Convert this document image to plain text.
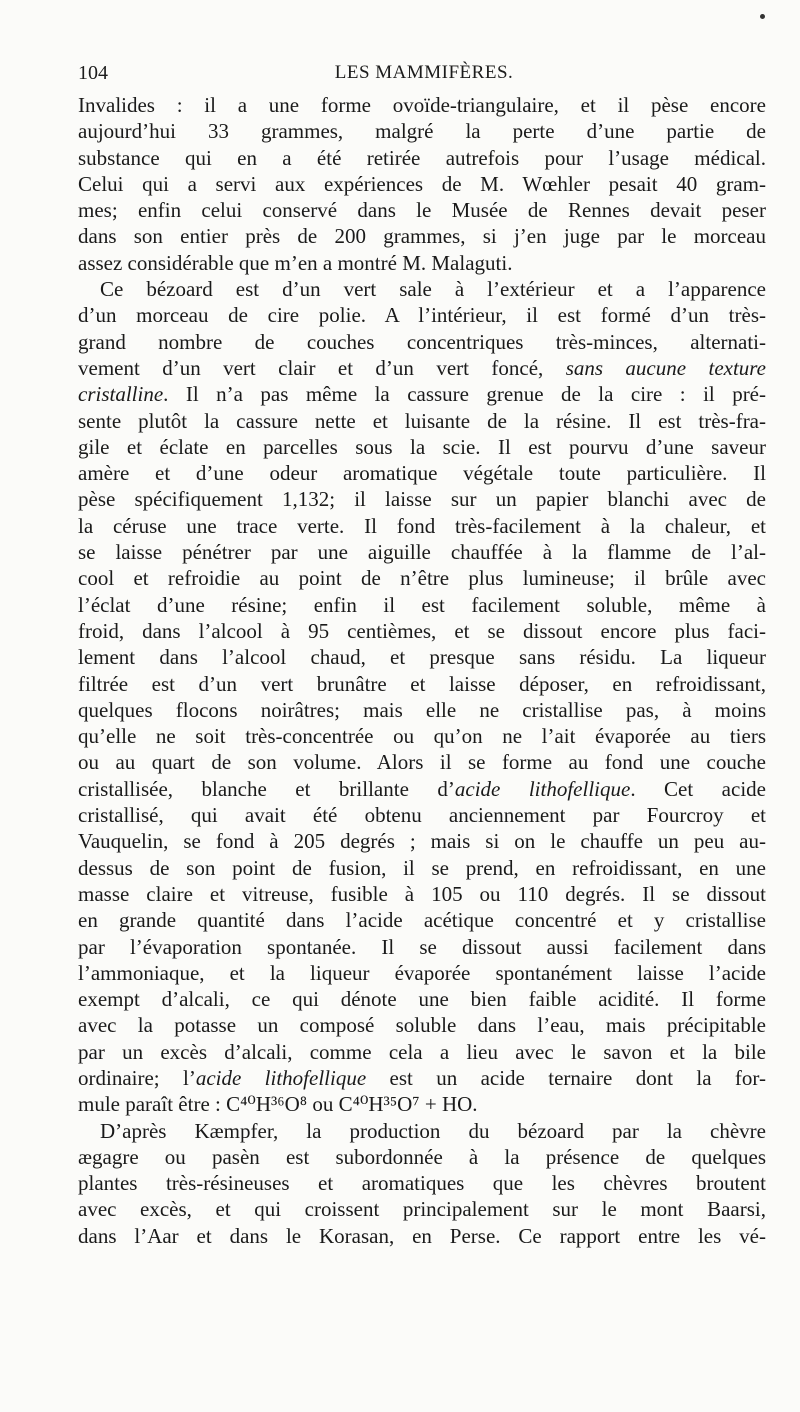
104	LES MAMMIFÈRES.
Invalides : il a une forme ovoïde-triangulaire, et il pèse encore
aujourd’hui 33 grammes, malgré la perte d’une partie de
substance qui en a été retirée autrefois pour l’usage médical.
Celui qui a servi aux expériences de M. Wœhler pesait 40 gram-
mes; enfin celui conservé dans le Musée de Rennes devait peser
dans son entier près de 200 grammes, si j’en juge par le morceau
assez considérable que m’en a montré M. Malaguti.
Ce bézoard est d’un vert sale à l’extérieur et a l’apparence
d’un morceau de cire polie. A l’intérieur, il est formé d’un très-
grand nombre de couches concentriques très-minces, alternati-
vement d’un vert clair et d’un vert foncé, sans aucune texture
cristalline. Il n’a pas même la cassure grenue de la cire : il pré-
sente plutôt la cassure nette et luisante de la résine. Il est très-fra-
gile et éclate en parcelles sous la scie. Il est pourvu d’une saveur
amère et d’une odeur aromatique végétale toute particulière. Il
pèse spécifiquement 1,132; il laisse sur un papier blanchi avec de
la céruse une trace verte. Il fond très-facilement à la chaleur, et
se laisse pénétrer par une aiguille chauffée à la flamme de l’al-
cool et refroidie au point de n’être plus lumineuse; il brûle avec
l’éclat d’une résine; enfin il est facilement soluble, même à
froid, dans l’alcool à 95 centièmes, et se dissout encore plus faci-
lement dans l’alcool chaud, et presque sans résidu. La liqueur
filtrée est d’un vert brunâtre et laisse déposer, en refroidissant,
quelques flocons noirâtres; mais elle ne cristallise pas, à moins
qu’elle ne soit très-concentrée ou qu’on ne l’ait évaporée au tiers
ou au quart de son volume. Alors il se forme au fond une couche
cristallisée, blanche et brillante d’acide lithofellique. Cet acide
cristallisé, qui avait été obtenu anciennement par Fourcroy et
Vauquelin, se fond à 205 degrés ; mais si on le chauffe un peu au-
dessus de son point de fusion, il se prend, en refroidissant, en une
masse claire et vitreuse, fusible à 105 ou 110 degrés. Il se dissout
en grande quantité dans l’acide acétique concentré et y cristallise
par l’évaporation spontanée. Il se dissout aussi facilement dans
l’ammoniaque, et la liqueur évaporée spontanément laisse l’acide
exempt d’alcali, ce qui dénote une bien faible acidité. Il forme
avec la potasse un composé soluble dans l’eau, mais précipitable
par un excès d’alcali, comme cela a lieu avec le savon et la bile
ordinaire; l’acide lithofellique est un acide ternaire dont la for-
mule paraît être : C⁴⁰H³⁶O⁸ ou C⁴⁰H³⁵O⁷ + HO.
D’après Kæmpfer, la production du bézoard par la chèvre
ægagre ou pasèn est subordonnée à la présence de quelques
plantes très-résineuses et aromatiques que les chèvres broutent
avec excès, et qui croissent principalement sur le mont Baarsi,
dans l’Aar et dans le Korasan, en Perse. Ce rapport entre les vé-
